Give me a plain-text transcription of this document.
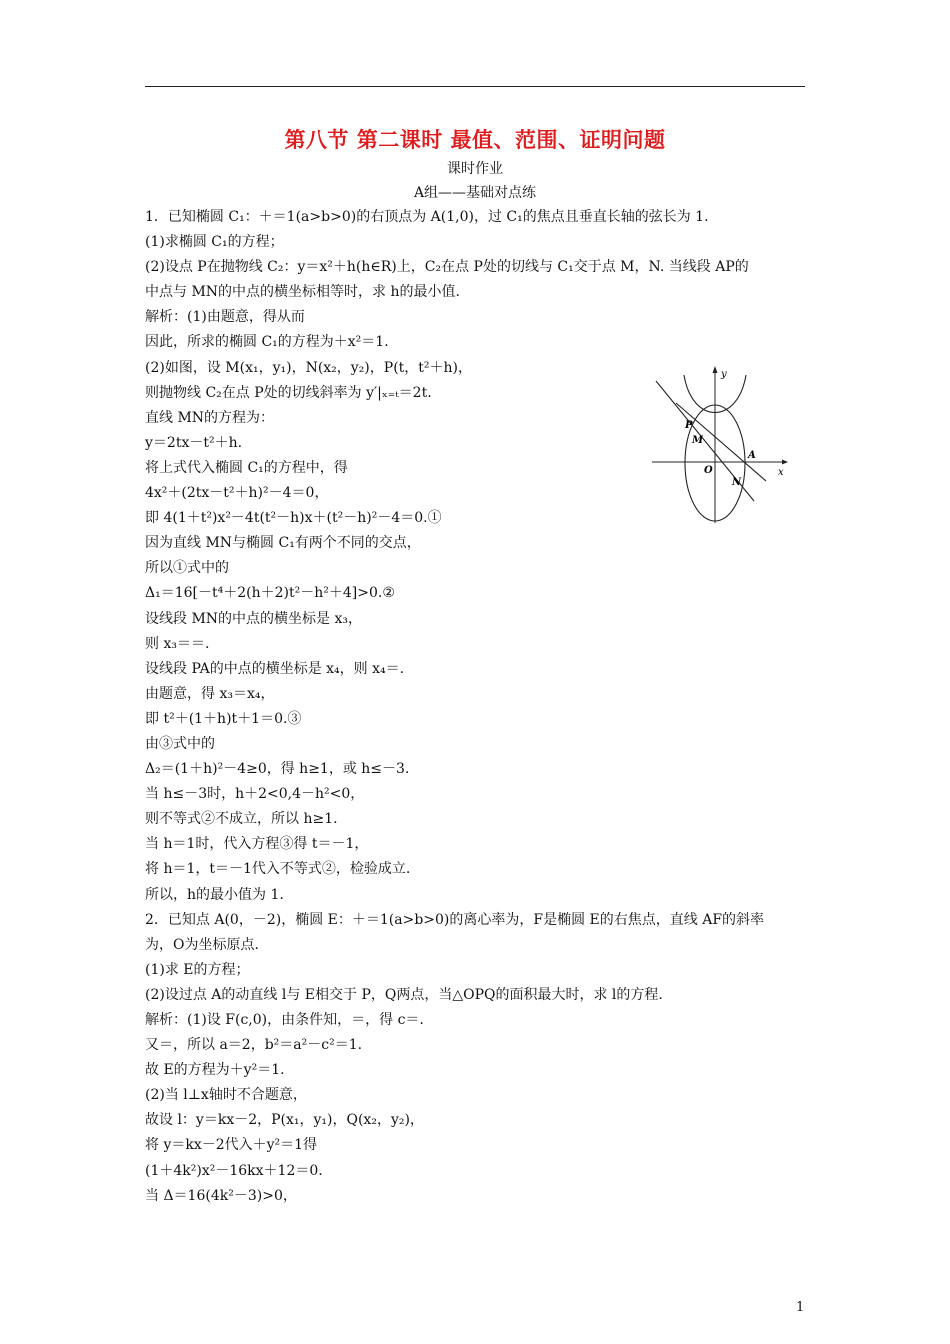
第八节 第二课时 最值、范围、证明问题
课时作业
A组——基础对点练
1．已知椭圆 C₁：＋＝1(a>b>0)的右顶点为 A(1,0)，过 C₁的焦点且垂直长轴的弦长为 1.
(1)求椭圆 C₁的方程；
(2)设点 P在抛物线 C₂：y＝x²＋h(h∈R)上，C₂在点 P处的切线与 C₁交于点 M，N. 当线段 AP的
中点与 MN的中点的横坐标相等时，求 h的最小值.
解析：(1)由题意，得从而
因此，所求的椭圆 C₁的方程为＋x²＝1.
(2)如图，设 M(x₁，y₁)，N(x₂，y₂)，P(t，t²＋h)，
则抛物线 C₂在点 P处的切线斜率为 y′|ₓ₌ₜ＝2t.
直线 MN的方程为：
y＝2tx－t²＋h.
将上式代入椭圆 C₁的方程中，得
4x²＋(2tx－t²＋h)²－4＝0，
即 4(1＋t²)x²－4t(t²－h)x＋(t²－h)²－4＝0.①
因为直线 MN与椭圆 C₁有两个不同的交点，
所以①式中的
Δ₁＝16[－t⁴＋2(h＋2)t²－h²＋4]>0.②
设线段 MN的中点的横坐标是 x₃，
则 x₃＝＝.
设线段 PA的中点的横坐标是 x₄，则 x₄＝.
由题意，得 x₃＝x₄，
即 t²＋(1＋h)t＋1＝0.③
由③式中的
Δ₂＝(1＋h)²－4≥0，得 h≥1，或 h≤－3.
当 h≤－3时，h＋2<0,4－h²<0，
则不等式②不成立，所以 h≥1.
当 h＝1时，代入方程③得 t＝－1，
将 h＝1，t＝－1代入不等式②，检验成立.
所以，h的最小值为 1.
2．已知点 A(0，－2)，椭圆 E：＋＝1(a>b>0)的离心率为，F是椭圆 E的右焦点，直线 AF的斜率
为，O为坐标原点.
(1)求 E的方程；
(2)设过点 A的动直线 l与 E相交于 P，Q两点，当△OPQ的面积最大时，求 l的方程.
解析：(1)设 F(c,0)，由条件知，＝，得 c＝.
又＝，所以 a＝2，b²＝a²－c²＝1.
故 E的方程为＋y²＝1.
(2)当 l⊥x轴时不合题意，
故设 l：y＝kx－2，P(x₁，y₁)，Q(x₂，y₂)，
将 y＝kx－2代入＋y²＝1得
(1＋4k²)x²－16kx＋12＝0.
当 Δ＝16(4k²－3)>0，
y
x
O
P
M
A
N
1
